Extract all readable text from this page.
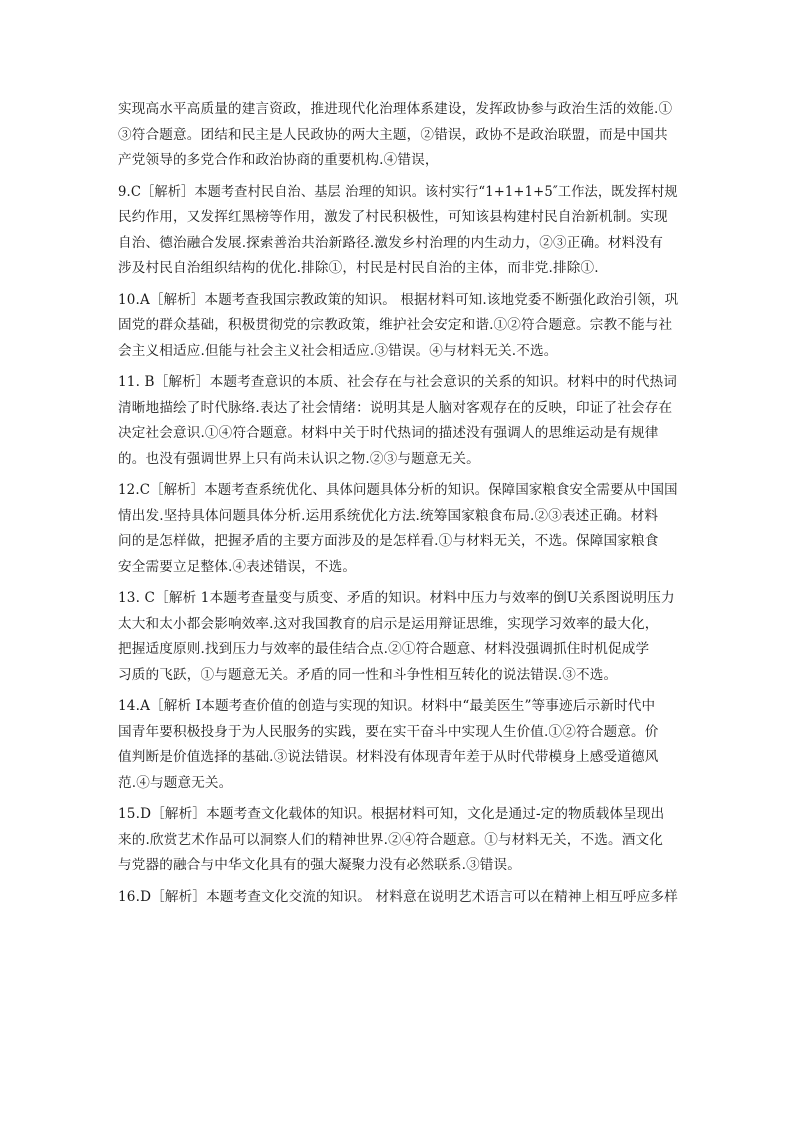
实现高水平高质量的建言资政，推进现代化治理体系建设，发挥政协参与政治生活的效能.①
③符合题意。团结和民主是人民政协的两大主题，②错误，政协不是政治联盟，而是中国共
产党领导的多党合作和政治协商的重要机构.④错误，
9.C［解析］本题考查村民自治、基层 治理的知识。该村实行“1+1+1+5″工作法，既发挥村规
民约作用，又发挥红黑榜等作用，激发了村民积极性，可知该县构建村民自治新机制。实现
自治、德治融合发展.探索善治共治新路径.激发乡村治理的内生动力，②③正确。材料没有
涉及村民自治组织结构的优化.排除①，村民是村民自治的主体，而非党.排除①.
10.A［解析］本题考查我国宗教政策的知识。 根据材料可知.该地党委不断强化政治引领，巩
固党的群众基础，积极贯彻党的宗教政策，维护社会安定和谐.①②符合题意。宗教不能与社
会主义相适应.但能与社会主义社会相适应.③错误。④与材料无关.不选。
11. B［解析］本题考查意识的本质、社会存在与社会意识的关系的知识。材料中的时代热词
清晰地描绘了时代脉络.表达了社会情绪：说明其是人脑对客观存在的反映，印证了社会存在
决定社会意识.①④符合题意。材料中关于时代热词的描述没有强调人的思维运动是有规律
的。也没有强调世界上只有尚未认识之物.②③与题意无关。
12.C［解析］本题考查系统优化、具体问题具体分析的知识。保障国家粮食安全需要从中国国
情出发.坚持具体问题具体分析.运用系统优化方法.统筹国家粮食布局.②③表述正确。材料
问的是怎样做，把握矛盾的主要方面涉及的是怎样看.①与材料无关，不选。保障国家粮食
安全需要立足整体.④表述错误，不选。
13. C［解析 1本题考查量变与质变、矛盾的知识。材料中压力与效率的倒U关系图说明压力
太大和太小都会影响效率.这对我国教育的启示是运用辩证思维，实现学习效率的最大化，
把握适度原则.找到压力与效率的最佳结合点.②①符合题意、材料没强调抓住时机促成学
习质的飞跃，①与题意无关。矛盾的同一性和斗争性相互转化的说法错误.③不选。
14.A［解析 I本题考查价值的创造与实现的知识。材料中“最美医生”等事迹后示新时代中
国青年要积极投身于为人民服务的实践，要在实干奋斗中实现人生价值.①②符合题意。价
值判断是价值选择的基础.③说法错误。材料没有体现青年差于从时代带模身上感受道德风
范.④与题意无关。
15.D［解析］本题考查文化载体的知识。根据材料可知，文化是通过-定的物质载体呈现出
来的.欣赏艺术作品可以洞察人们的精神世界.②④符合题意。①与材料无关，不选。酒文化
与党器的融合与中华文化具有的强大凝聚力没有必然联系.③错误。
16.D［解析］本题考查文化交流的知识。 材料意在说明艺术语言可以在精神上相互呼应多样
